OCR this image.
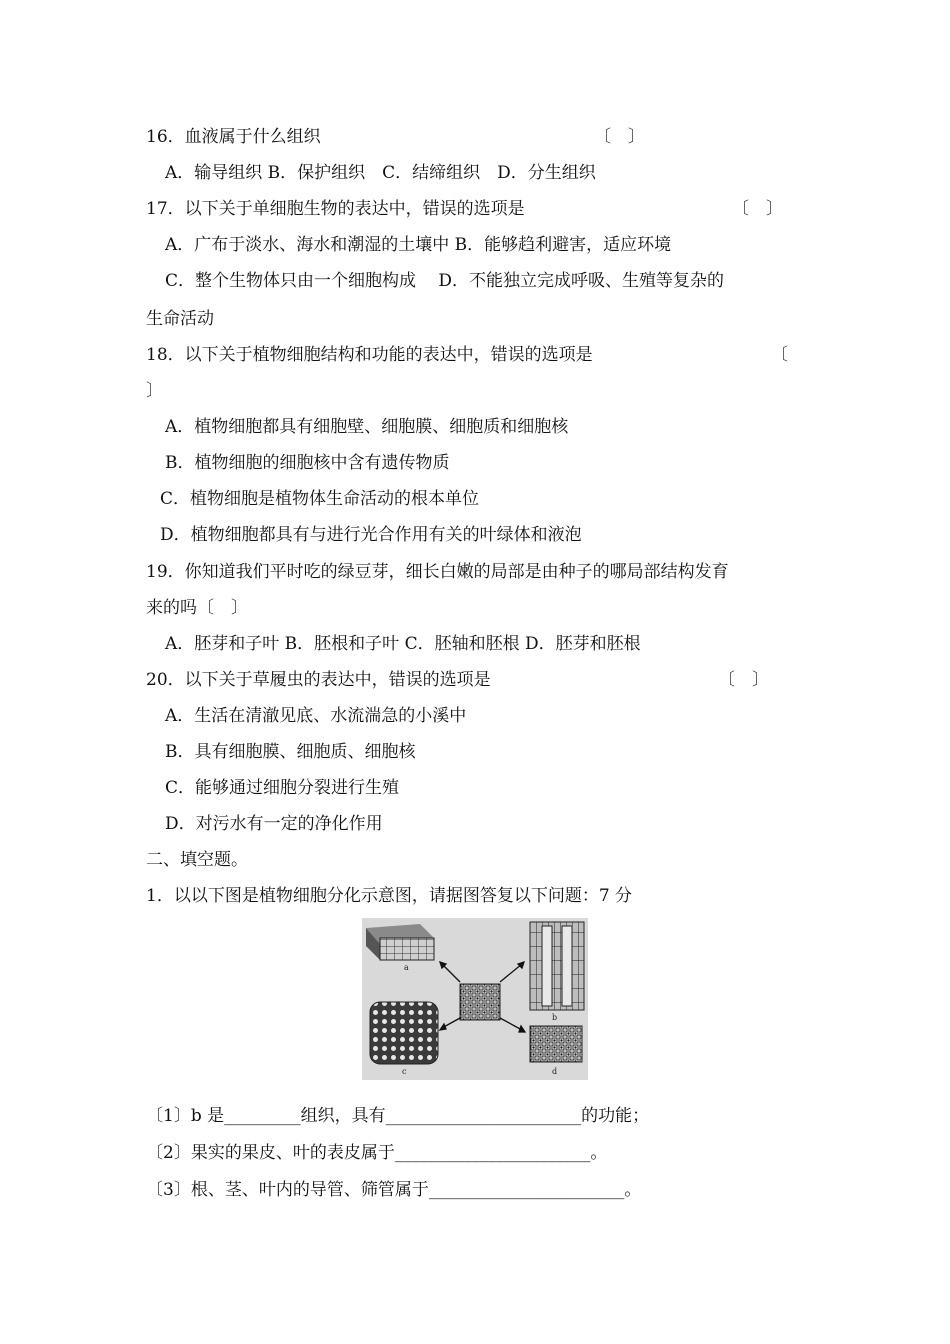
16．血液属于什么组织	〔　〕
A．输导组织 B．保护组织　C．结缔组织　D．分生组织
17．以下关于单细胞生物的表达中，错误的选项是	〔　〕
A．广布于淡水、海水和潮湿的土壤中 B．能够趋利避害，适应环境
C．整个生物体只由一个细胞构成　 D．不能独立完成呼吸、生殖等复杂的
生命活动
18．以下关于植物细胞结构和功能的表达中，错误的选项是	〔
〕
A．植物细胞都具有细胞壁、细胞膜、细胞质和细胞核
B．植物细胞的细胞核中含有遗传物质
C．植物细胞是植物体生命活动的根本单位
D．植物细胞都具有与进行光合作用有关的叶绿体和液泡
19．你知道我们平时吃的绿豆芽，细长白嫩的局部是由种子的哪局部结构发育
来的吗〔　〕
A．胚芽和子叶 B．胚根和子叶 C．胚轴和胚根 D．胚芽和胚根
20．以下关于草履虫的表达中，错误的选项是	〔　〕
A．生活在清澈见底、水流湍急的小溪中
B．具有细胞膜、细胞质、细胞核
C．能够通过细胞分裂进行生殖
D．对污水有一定的净化作用
二、填空题。
1．以以下图是植物细胞分化示意图，请据图答复以下问题：7 分
a
b
c	d
〔1〕b 是_________组织，具有_______________________的功能；
〔2〕果实的果皮、叶的表皮属于_______________________。
〔3〕根、茎、叶内的导管、筛管属于_______________________。
